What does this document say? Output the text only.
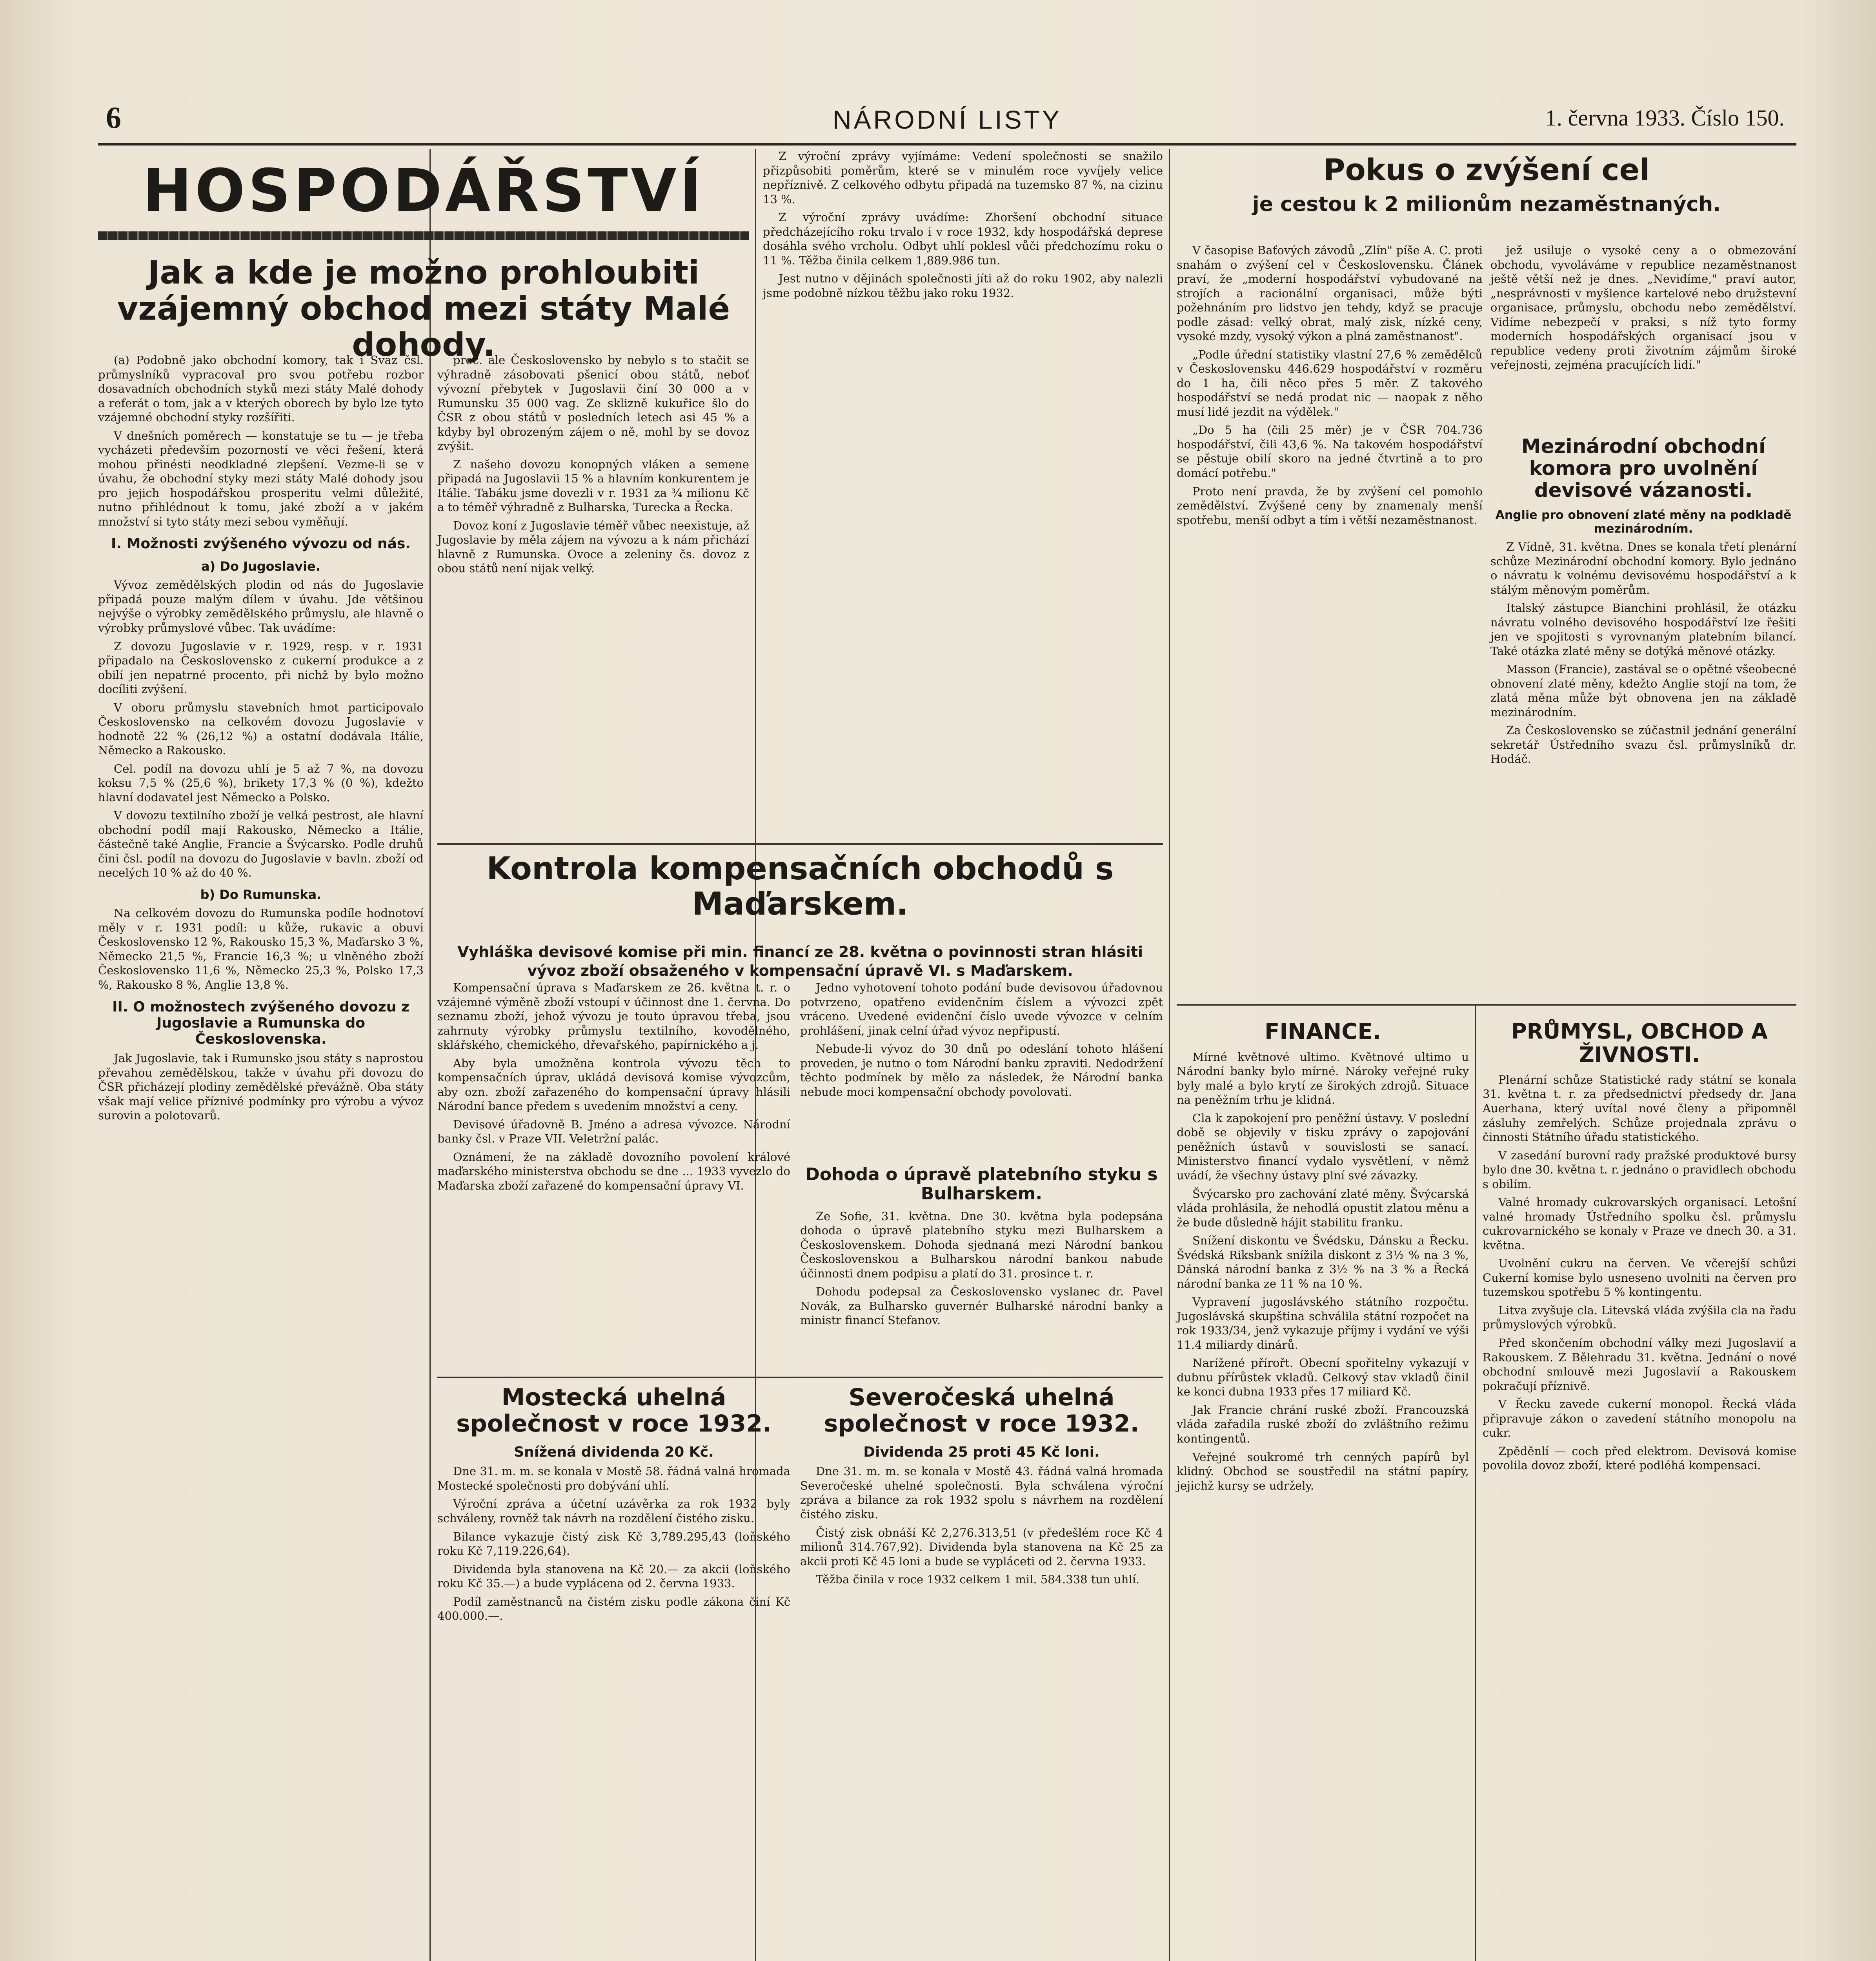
6	NÁRODNÍ LISTY	1. června 1933. Číslo 150.
HOSPODÁŘSTVÍ
Jak a kde je možno prohloubiti vzájemný obchod mezi státy Malé dohody.

(a) Podobně jako obchodní komory, tak i Svaz čsl. průmyslníků vypracoval pro svou potřebu rozbor dosavadních obchodních styků mezi státy Malé dohody a referát o tom, jak a v kterých oborech by bylo lze tyto vzájemné obchodní styky rozšířiti.

V dnešních poměrech — konstatuje se tu — je třeba vycházeti především pozorností ve věci řešení, která mohou přinésti neodkladné zlepšení. Vezme-li se v úvahu, že obchodní styky mezi státy Malé dohody jsou pro jejich hospodářskou prosperitu velmi důležité, nutno přihlédnout k tomu, jaké zboží a v jakém množství si tyto státy mezi sebou vyměňují.

I. Možnosti zvýšeného vývozu od nás.
a) Do Jugoslavie.

Vývoz zemědělských plodin od nás do Jugoslavie připadá pouze malým dílem v úvahu. Jde většinou nejvýše o výrobky zemědělského průmyslu, ale hlavně o výrobky průmyslové vůbec. Tak uvádíme:

Z dovozu Jugoslavie v r. 1929, resp. v r. 1931 připadalo na Československo z cukerní produkce a z obilí jen nepatrné procento, při nichž by bylo možno docíliti zvýšení.

V oboru průmyslu stavebních hmot participovalo Československo na celkovém dovozu Jugoslavie v hodnotě 22 % (26,12 %) a ostatní dodávala Itálie, Německo a Rakousko.

Cel. podíl na dovozu uhlí je 5 až 7 %, na dovozu koksu 7,5 % (25,6 %), brikety 17,3 % (0 %), kdežto hlavní dodavatel jest Německo a Polsko.

V dovozu textilního zboží je velká pestrost, ale hlavní obchodní podíl mají Rakousko, Německo a Itálie, částečně také Anglie, Francie a Švýcarsko. Podle druhů čini čsl. podíl na dovozu do Jugoslavie v bavln. zboží od necelých 10 % až do 40 %.

b) Do Rumunska.

Na celkovém dovozu do Rumunska podíle hodnotoví měly v r. 1931 podíl: u kůže, rukavic a obuvi Československo 12 %, Rakousko 15,3 %, Maďarsko 3 %, Německo 21,5 %, Francie 16,3 %; u vlněného zboží Československo 11,6 %, Německo 25,3 %, Polsko 17,3 %, Rakousko 8 %, Anglie 13,8 %.

II. O možnostech zvýšeného dovozu z Jugoslavie a Rumunska do Československa.

Jak Jugoslavie, tak i Rumunsko jsou státy s naprostou převahou zemědělskou, takže v úvahu při dovozu do ČSR přicházejí plodiny zemědělské převážně. Oba státy však mají velice příznivé podmínky pro výrobu a vývoz surovin a polotovarů.

proc. ale Československo by nebylo s to stačit se výhradně zásobovati pšenicí obou států, neboť vývozní přebytek v Jugoslavii činí 30 000 a v Rumunsku 35 000 vag. Ze sklizně kukuřice šlo do ČSR z obou států v posledních letech asi 45 % a kdyby byl obrozeným zájem o ně, mohl by se dovoz zvýšit.

Z našeho dovozu konopných vláken a semene připadá na Jugoslavii 15 % a hlavním konkurentem je Itálie. Tabáku jsme dovezli v r. 1931 za ¾ milionu Kč a to téměř výhradně z Bulharska, Turecka a Řecka.

Dovoz koní z Jugoslavie téměř vůbec neexistuje, až Jugoslavie by měla zájem na vývozu a k nám přichází hlavně z Rumunska. Ovoce a zeleniny čs. dovoz z obou států není nijak velký.

Z výroční zprávy vyjímáme: Vedení společnosti se snažilo přizpůsobiti poměrům, které se v minulém roce vyvíjely velice nepříznivě. Z celkového odbytu připadá na tuzemsko 87 %, na cizinu 13 %.

Z výroční zprávy uvádíme: Zhoršení obchodní situace předcházejícího roku trvalo i v roce 1932, kdy hospodářská deprese dosáhla svého vrcholu. Odbyt uhlí poklesl vůči předchozímu roku o 11 %. Těžba činila celkem 1,889.986 tun.

Jest nutno v dějinách společnosti jíti až do roku 1902, aby nalezli jsme podobně nízkou těžbu jako roku 1932.

Kontrola kompensačních obchodů s Maďarskem.
Vyhláška devisové komise při min. financí ze 28. května o povinnosti stran hlásiti vývoz zboží obsaženého v kompensační úpravě VI. s Maďarskem.

Kompensační úprava s Maďarskem ze 26. května t. r. o vzájemné výměně zboží vstoupí v účinnost dne 1. června. Do seznamu zboží, jehož vývozu je touto úpravou třeba, jsou zahrnuty výrobky průmyslu textilního, kovodělného, sklářského, chemického, dřevařského, papírnického a j.

Aby byla umožněna kontrola vývozu těch to kompensačních úprav, ukládá devisová komise vývozcům, aby ozn. zboží zařazeného do kompensační úpravy hlásili Národní bance předem s uvedením množství a ceny.

Devisové úřadovně B. Jméno a adresa vývozce. Národní banky čsl. v Praze VII. Veletržní palác.

Oznámení, že na základě dovozního povolení králové maďarského ministerstva obchodu se dne ... 1933 vyvezlo do Maďarska zboží zařazené do kompensační úpravy VI.

Jedno vyhotovení tohoto podání bude devisovou úřadovnou potvrzeno, opatřeno evidenčním číslem a vývozci zpět vráceno. Uvedené evidenční číslo uvede vývozce v celním prohlášení, jinak celní úřad vývoz nepřipustí.

Nebude-li vývoz do 30 dnů po odeslání tohoto hlášení proveden, je nutno o tom Národní banku zpraviti. Nedodržení těchto podmínek by mělo za následek, že Národní banka nebude moci kompensační obchody povolovati.

Dohoda o úpravě platebního styku s Bulharskem.

Ze Sofie, 31. května. Dne 30. května byla podepsána dohoda o úpravě platebního styku mezi Bulharskem a Československem. Dohoda sjednaná mezi Národní bankou Československou a Bulharskou národní bankou nabude účinnosti dnem podpisu a platí do 31. prosince t. r.

Dohodu podepsal za Československo vyslanec dr. Pavel Novák, za Bulharsko guvernér Bulharské národní banky a ministr financí Stefanov.

Mostecká uhelná společnost v roce 1932.
Snížená dividenda 20 Kč.

Dne 31. m. m. se konala v Mostě 58. řádná valná hromada Mostecké společnosti pro dobývání uhlí.

Výroční zpráva a účetní uzávěrka za rok 1932 byly schváleny, rovněž tak návrh na rozdělení čistého zisku.

Bilance vykazuje čistý zisk Kč 3,789.295,43 (loňského roku Kč 7,119.226,64).

Dividenda byla stanovena na Kč 20.— za akcii (loňského roku Kč 35.—) a bude vyplácena od 2. června 1933.

Podíl zaměstnanců na čistém zisku podle zákona činí Kč 400.000.—.

Severočeská uhelná společnost v roce 1932.
Dividenda 25 proti 45 Kč loni.

Dne 31. m. m. se konala v Mostě 43. řádná valná hromada Severočeské uhelné společnosti. Byla schválena výroční zpráva a bilance za rok 1932 spolu s návrhem na rozdělení čistého zisku.

Čistý zisk obnáší Kč 2,276.313,51 (v předešlém roce Kč 4 milionů 314.767,92). Dividenda byla stanovena na Kč 25 za akcii proti Kč 45 loni a bude se vypláceti od 2. června 1933.

Těžba činila v roce 1932 celkem 1 mil. 584.338 tun uhlí.

Pokus o zvýšení cel
je cestou k 2 milionům nezaměstnaných.

V časopise Baťových závodů „Zlín" píše A. C. proti snahám o zvýšení cel v Československu. Článek praví, že „moderní hospodářství vybudované na strojích a racionální organisaci, může býti požehnáním pro lidstvo jen tehdy, když se pracuje podle zásad: velký obrat, malý zisk, nízké ceny, vysoké mzdy, vysoký výkon a plná zaměstnanost".

„Podle úřední statistiky vlastní 27,6 % zemědělců v Československu 446.629 hospodářství v rozměru do 1 ha, čili něco přes 5 měr. Z takového hospodářství se nedá prodat nic — naopak z něho musí lidé jezdit na výdělek."

„Do 5 ha (čili 25 měr) je v ČSR 704.736 hospodářství, čili 43,6 %. Na takovém hospodářství se pěstuje obilí skoro na jedné čtvrtině a to pro domácí potřebu."

Proto není pravda, že by zvýšení cel pomohlo zemědělství. Zvýšené ceny by znamenaly menší spotřebu, menší odbyt a tím i větší nezaměstnanost.

jež usiluje o vysoké ceny a o obmezování obchodu, vyvoláváme v republice nezaměstnanost ještě větší než je dnes. „Nevidíme," praví autor, „nesprávnosti v myšlence kartelové nebo družstevní organisace, průmyslu, obchodu nebo zemědělství. Vidíme nebezpečí v praksi, s níž tyto formy moderních hospodářských organisací jsou v republice vedeny proti životním zájmům široké veřejnosti, zejména pracujících lidí."

Mezinárodní obchodní komora pro uvolnění devisové vázanosti.
Anglie pro obnovení zlaté měny na podkladě mezinárodním.

Z Vídně, 31. května. Dnes se konala třetí plenární schůze Mezinárodní obchodní komory. Bylo jednáno o návratu k volnému devisovému hospodářství a k stálým měnovým poměrům.

Italský zástupce Bianchini prohlásil, že otázku návratu volného devisového hospodářství lze řešiti jen ve spojitosti s vyrovnaným platebním bilancí. Také otázka zlaté měny se dotýká měnové otázky.

Masson (Francie), zastával se o opětné všeobecné obnovení zlaté měny, kdežto Anglie stojí na tom, že zlatá měna může být obnovena jen na základě mezinárodním.

Za Československo se zúčastnil jednání generální sekretář Ústředního svazu čsl. průmyslníků dr. Hodáč.

FINANCE.

Mírné květnové ultimo. Květnové ultimo u Národní banky bylo mírné. Nároky veřejné ruky byly malé a bylo krytí ze širokých zdrojů. Situace na peněžním trhu je klidná.

Cla k zapokojení pro peněžní ústavy. V poslední době se objevily v tisku zprávy o zapojování peněžních ústavů v souvislosti se sanací. Ministerstvo financí vydalo vysvětlení, v němž uvádí, že všechny ústavy plní své závazky.

Švýcarsko pro zachování zlaté měny. Švýcarská vláda prohlásila, že nehodlá opustit zlatou měnu a že bude důsledně hájit stabilitu franku.

Snížení diskontu ve Švédsku, Dánsku a Řecku. Švédská Riksbank snížila diskont z 3½ % na 3 %, Dánská národní banka z 3½ % na 3 % a Řecká národní banka ze 11 % na 10 %.

Vypravení jugoslávského státního rozpočtu. Jugoslávská skupština schválila státní rozpočet na rok 1933/34, jenž vykazuje příjmy i vydání ve výši 11.4 miliardy dinárů.

Narížené přírořt. Obecní spořitelny vykazují v dubnu přírůstek vkladů. Celkový stav vkladů činil ke konci dubna 1933 přes 17 miliard Kč.

Jak Francie chrání ruské zboží. Francouzská vláda zařadila ruské zboží do zvláštního režimu kontingentů.

Veřejné soukromé trh cenných papírů byl klidný. Obchod se soustředil na státní papíry, jejichž kursy se udržely.

PRŮMYSL, OBCHOD A ŽIVNOSTI.

Plenární schůze Statistické rady státní se konala 31. května t. r. za předsednictví předsedy dr. Jana Auerhana, který uvítal nové členy a připomněl zásluhy zemřelých. Schůze projednala zprávu o činnosti Státního úřadu statistického.

V zasedání burovní rady pražské produktové bursy bylo dne 30. května t. r. jednáno o pravidlech obchodu s obilím.

Valné hromady cukrovarských organisací. Letošní valné hromady Ústředního spolku čsl. průmyslu cukrovarnického se konaly v Praze ve dnech 30. a 31. května.

Uvolnění cukru na červen. Ve včerejší schůzi Cukerní komise bylo usneseno uvolniti na červen pro tuzemskou spotřebu 5 % kontingentu.

Litva zvyšuje cla. Litevská vláda zvýšila cla na řadu průmyslových výrobků.

Před skončením obchodní války mezi Jugoslavií a Rakouskem. Z Bělehradu 31. května. Jednání o nové obchodní smlouvě mezi Jugoslavií a Rakouskem pokračují příznivě.

V Řecku zavede cukerní monopol. Řecká vláda připravuje zákon o zavedení státního monopolu na cukr.

Zpěděnlí — coch před elektrom. Devisová komise povolila dovoz zboží, které podléhá kompensaci.
